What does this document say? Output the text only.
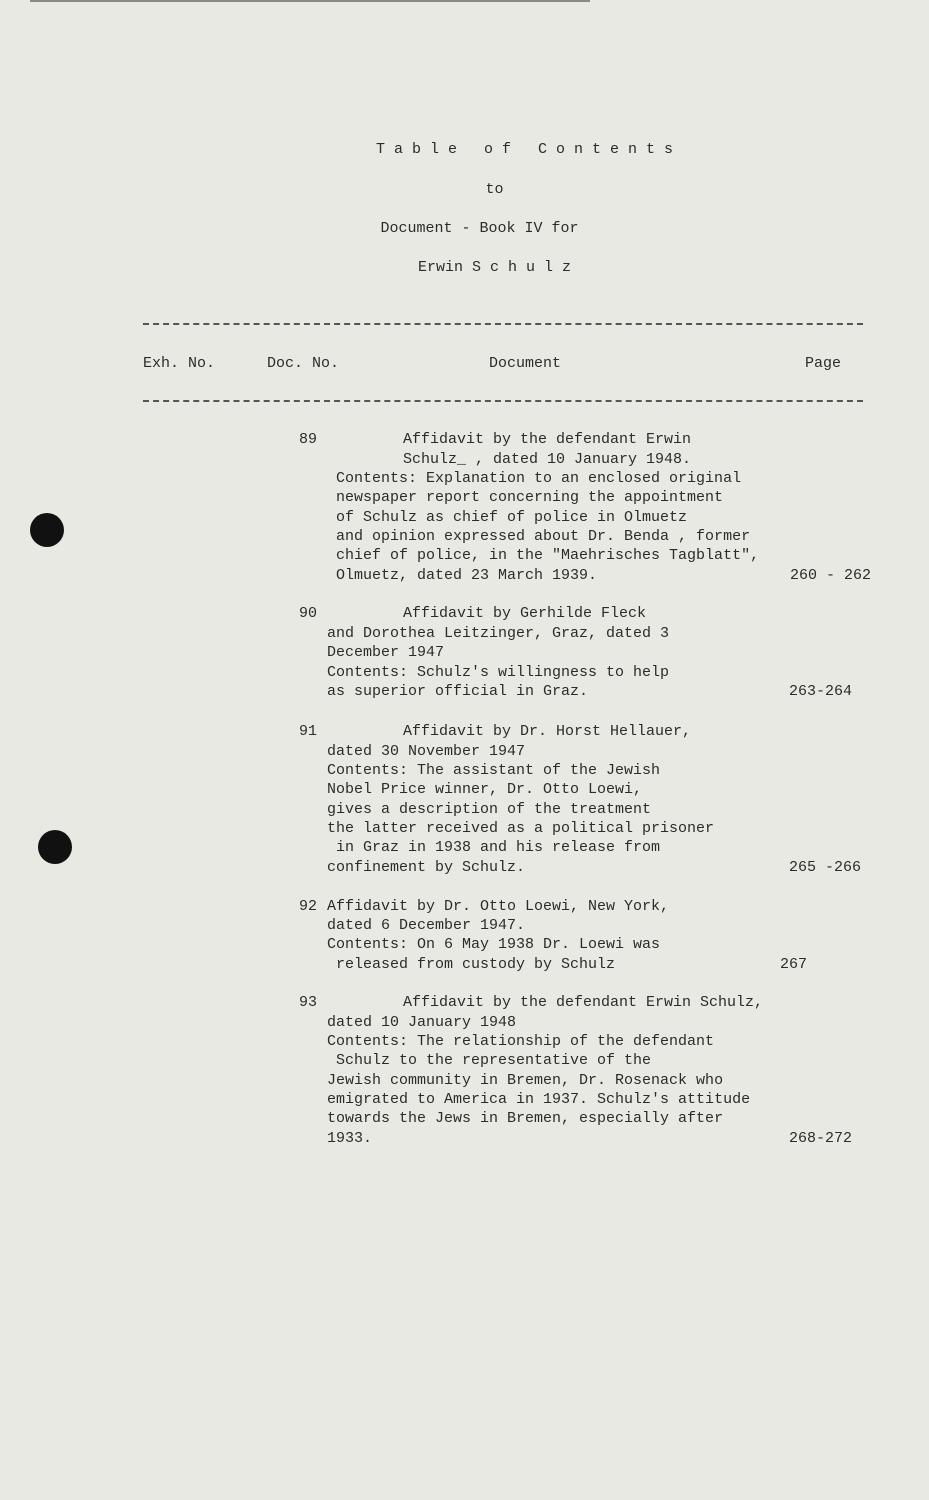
T a b l e   o f   C o n t e n t s
to
Document - Book IV for
Erwin S c h u l z
Exh. No.	Doc. No.	Document	Page
89	Affidavit by the defendant Erwin
Schulz_ , dated 10 January 1948.
Contents: Explanation to an enclosed original
newspaper report concerning the appointment
of Schulz as chief of police in Olmuetz
and opinion expressed about Dr. Benda , former
chief of police, in the "Maehrisches Tagblatt",
Olmuetz, dated 23 March 1939.	260 - 262
90	Affidavit by Gerhilde Fleck
and Dorothea Leitzinger, Graz, dated 3
December 1947
Contents: Schulz's willingness to help
as superior official in Graz.	263-264
91	Affidavit by Dr. Horst Hellauer,
dated 30 November 1947
Contents: The assistant of the Jewish
Nobel Price winner, Dr. Otto Loewi,
gives a description of the treatment
the latter received as a political prisoner
in Graz in 1938 and his release from
confinement by Schulz.	265 -266
92 Affidavit by Dr. Otto Loewi, New York,
dated 6 December 1947.
Contents: On 6 May 1938 Dr. Loewi was
released from custody by Schulz	267
93	Affidavit by the defendant Erwin Schulz,
dated 10 January 1948
Contents: The relationship of the defendant
Schulz to the representative of the
Jewish community in Bremen, Dr. Rosenack who
emigrated to America in 1937. Schulz's attitude
towards the Jews in Bremen, especially after
1933.	268-272
